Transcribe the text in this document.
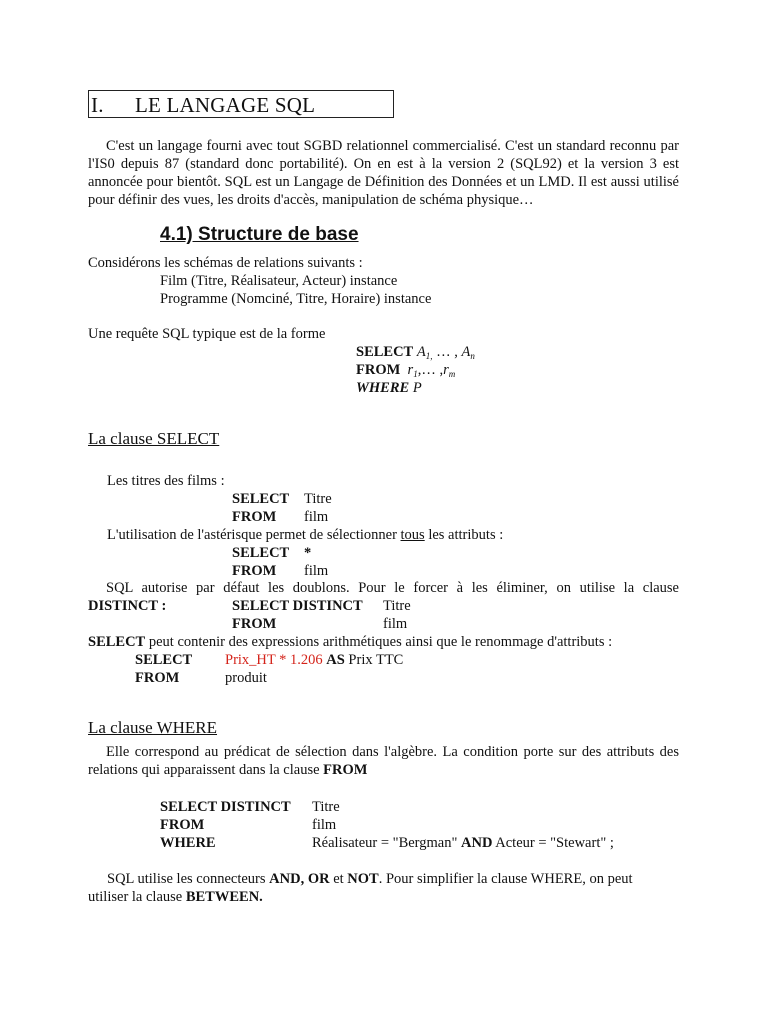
I. LE LANGAGE SQL
C'est un langage fourni avec tout SGBD relationnel commercialisé. C'est un standard reconnu par l'IS0 depuis 87 (standard donc portabilité). On en est à la version 2 (SQL92) et la version 3 est annoncée pour bientôt. SQL est un Langage de Définition des Données et un LMD. Il est aussi utilisé pour définir des vues, les droits d'accès, manipulation de schéma physique…
4.1) Structure de base
Considérons les schémas de relations suivants :
Film (Titre, Réalisateur, Acteur) instance
Programme (Nomciné, Titre, Horaire) instance
Une requête SQL typique est de la forme
SELECT $A_{1,}$ … , $A_n$
FROM $r_1,\dots$ $,r_m$
WHERE P
La clause SELECT
Les titres des films :
SELECT Titre
FROM film
L'utilisation de l'astérisque permet de sélectionner tous les attributs :
SELECT *
FROM film
SQL autorise par défaut les doublons. Pour le forcer à les éliminer, on utilise la clause
DISTINCT :	SELECT DISTINCT Titre
FROM	film
SELECT peut contenir des expressions arithmétiques ainsi que le renommage d'attributs :
SELECT Prix_HT * 1.206 AS Prix TTC
FROM	produit
La clause WHERE
Elle correspond au prédicat de sélection dans l'algèbre. La condition porte sur des attributs des relations qui apparaissent dans la clause FROM
SELECT DISTINCT Titre
FROM	film
WHERE	Réalisateur = "Bergman" AND Acteur = "Stewart" ;
SQL utilise les connecteurs AND, OR et NOT. Pour simplifier la clause WHERE, on peut
utiliser la clause BETWEEN.
